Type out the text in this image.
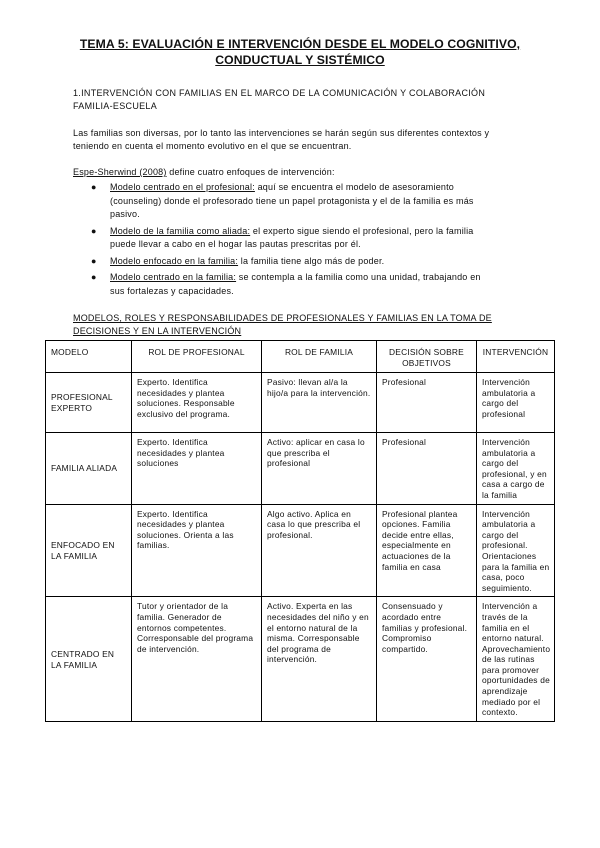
TEMA 5: EVALUACIÓN E INTERVENCIÓN DESDE EL MODELO COGNITIVO,
CONDUCTUAL Y SISTÉMICO
1.INTERVENCIÓN CON FAMILIAS EN EL MARCO DE LA COMUNICACIÓN Y COLABORACIÓN
FAMILIA-ESCUELA
Las familias son diversas, por lo tanto las intervenciones se harán según sus diferentes contextos y
teniendo en cuenta el momento evolutivo en el que se encuentran.
Espe-Sherwind (2008) define cuatro enfoques de intervención:
● Modelo centrado en el profesional: aquí se encuentra el modelo de asesoramiento
(counseling) donde el profesorado tiene un papel protagonista y el de la familia es más
pasivo.
● Modelo de la familia como aliada: el experto sigue siendo el profesional, pero la familia
puede llevar a cabo en el hogar las pautas prescritas por él.
● Modelo enfocado en la familia: la familia tiene algo más de poder.
● Modelo centrado en la familia: se contempla a la familia como una unidad, trabajando en
sus fortalezas y capacidades.
MODELOS, ROLES Y RESPONSABILIDADES DE PROFESIONALES Y FAMILIAS EN LA TOMA DE
DECISIONES Y EN LA INTERVENCIÓN
MODELO	ROL DE PROFESIONAL	ROL DE FAMILIA	DECISIÓN SOBRE OBJETIVOS	INTERVENCIÓN
PROFESIONAL EXPERTO	Experto. Identifica necesidades y plantea soluciones. Responsable exclusivo del programa.	Pasivo: llevan al/a la hijo/a para la intervención.	Profesional	Intervención ambulatoria a cargo del profesional
FAMILIA ALIADA	Experto. Identifica necesidades y plantea soluciones	Activo: aplicar en casa lo que prescriba el profesional	Profesional	Intervención ambulatoria a cargo del profesional, y en casa a cargo de la familia
ENFOCADO EN LA FAMILIA	Experto. Identifica necesidades y plantea soluciones. Orienta a las familias.	Algo activo. Aplica en casa lo que prescriba el profesional.	Profesional plantea opciones. Familia decide entre ellas, especialmente en actuaciones de la familia en casa	Intervención ambulatoria a cargo del profesional. Orientaciones para la familia en casa, poco seguimiento.
CENTRADO EN LA FAMILIA	Tutor y orientador de la familia. Generador de entornos competentes. Corresponsable del programa de intervención.	Activo. Experta en las necesidades del niño y en el entorno natural de la misma. Corresponsable del programa de intervención.	Consensuado y acordado entre familias y profesional. Compromiso compartido.	Intervención a través de la familia en el entorno natural. Aprovechamiento de las rutinas para promover oportunidades de aprendizaje mediado por el contexto.
